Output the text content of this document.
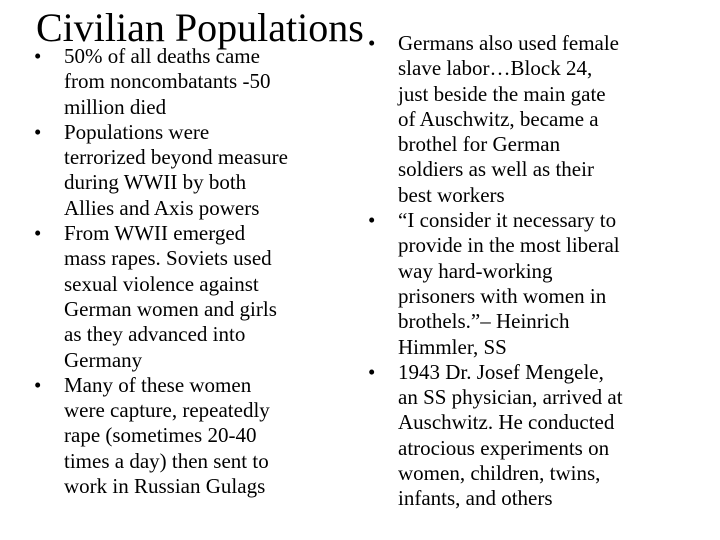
Civilian Populations
• 50% of all deaths came
from noncombatants -50
million died
• Populations were
terrorized beyond measure
during WWII by both
Allies and Axis powers
• From WWII emerged
mass rapes. Soviets used
sexual violence against
German women and girls
as they advanced into
Germany
• Many of these women
were capture, repeatedly
rape (sometimes 20-40
times a day) then sent to
work in Russian Gulags
• Germans also used female
slave labor…Block 24,
just beside the main gate
of Auschwitz, became a
brothel for German
soldiers as well as their
best workers
• “I consider it necessary to
provide in the most liberal
way hard-working
prisoners with women in
brothels.”– Heinrich
Himmler, SS
• 1943 Dr. Josef Mengele,
an SS physician, arrived at
Auschwitz. He conducted
atrocious experiments on
women, children, twins,
infants, and others
